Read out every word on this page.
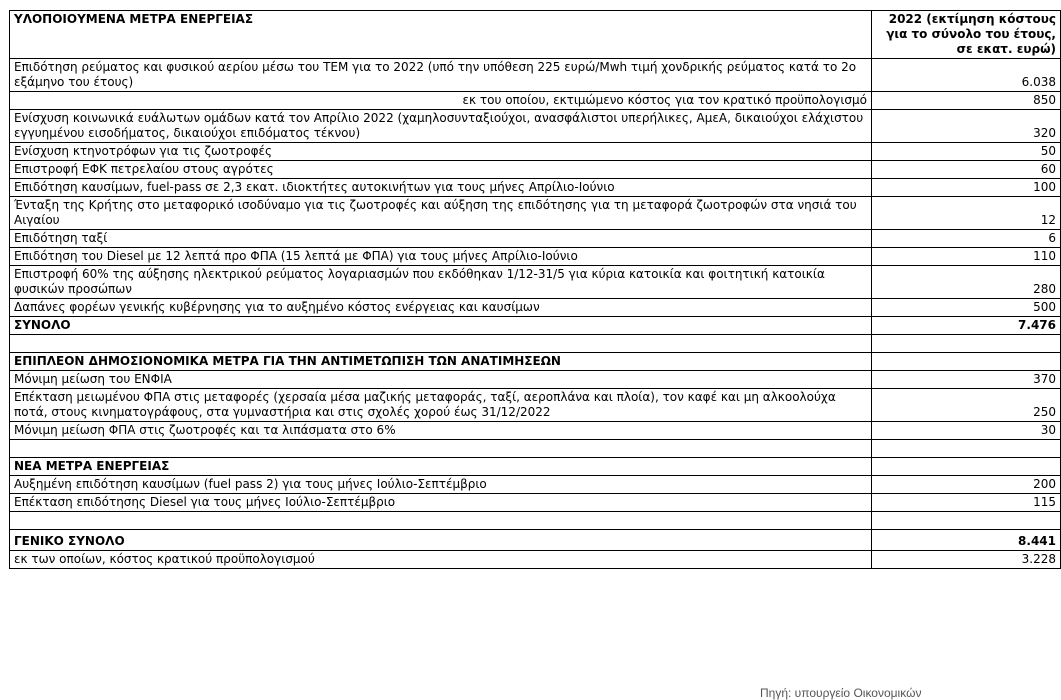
ΥΛΟΠΟΙΟΥΜΕΝΑ ΜΕΤΡΑ ΕΝΕΡΓΕΙΑΣ	2022 (εκτίμηση κόστους για το σύνολο του έτους, σε εκατ. ευρώ)
Επιδότηση ρεύματος και φυσικού αερίου μέσω του ΤΕΜ για το 2022 (υπό την υπόθεση 225 ευρώ/Mwh τιμή χονδρικής ρεύματος κατά το 2ο εξάμηνο του έτους)	6.038
εκ του οποίου, εκτιμώμενο κόστος για τον κρατικό προϋπολογισμό	850
Ενίσχυση κοινωνικά ευάλωτων ομάδων κατά τον Απρίλιο 2022 (χαμηλοσυνταξιούχοι, ανασφάλιστοι υπερήλικες, ΑμεΑ, δικαιούχοι ελάχιστου εγγυημένου εισοδήματος, δικαιούχοι επιδόματος τέκνου)	320
Ενίσχυση κτηνοτρόφων για τις ζωοτροφές	50
Επιστροφή ΕΦΚ πετρελαίου στους αγρότες	60
Επιδότηση καυσίμων, fuel-pass σε 2,3 εκατ. ιδιοκτήτες αυτοκινήτων για τους μήνες Απρίλιο-Ιούνιο	100
Ένταξη της Κρήτης στο μεταφορικό ισοδύναμο για τις ζωοτροφές και αύξηση της επιδότησης για τη μεταφορά ζωοτροφών στα νησιά του Αιγαίου	12
Επιδότηση ταξί	6
Επιδότηση του Diesel με 12 λεπτά προ ΦΠΑ (15 λεπτά με ΦΠΑ) για τους μήνες Απρίλιο-Ιούνιο	110
Επιστροφή 60% της αύξησης ηλεκτρικού ρεύματος λογαριασμών που εκδόθηκαν 1/12-31/5 για κύρια κατοικία και φοιτητική κατοικία φυσικών προσώπων	280
Δαπάνες φορέων γενικής κυβέρνησης για το αυξημένο κόστος ενέργειας και καυσίμων	500
ΣΥΝΟΛΟ	7.476

ΕΠΙΠΛΕΟΝ ΔΗΜΟΣΙΟΝΟΜΙΚΑ ΜΕΤΡΑ ΓΙΑ ΤΗΝ ΑΝΤΙΜΕΤΩΠΙΣΗ ΤΩΝ ΑΝΑΤΙΜΗΣΕΩΝ	
Μόνιμη μείωση του ΕΝΦΙΑ	370
Επέκταση μειωμένου ΦΠΑ στις μεταφορές (χερσαία μέσα μαζικής μεταφοράς, ταξί, αεροπλάνα και πλοία), τον καφέ και μη αλκοολούχα ποτά, στους κινηματογράφους, στα γυμναστήρια και στις σχολές χορού έως 31/12/2022	250
Μόνιμη μείωση ΦΠΑ στις ζωοτροφές και τα λιπάσματα στο 6%	30

ΝΕΑ ΜΕΤΡΑ ΕΝΕΡΓΕΙΑΣ	
Αυξημένη επιδότηση καυσίμων (fuel pass 2) για τους μήνες Ιούλιο-Σεπτέμβριο	200
Επέκταση επιδότησης Diesel για τους μήνες Ιούλιο-Σεπτέμβριο	115

ΓΕΝΙΚΟ ΣΥΝΟΛΟ	8.441
εκ των οποίων, κόστος κρατικού προϋπολογισμού	3.228
Πηγή: υπουργείο Οικονομικών
